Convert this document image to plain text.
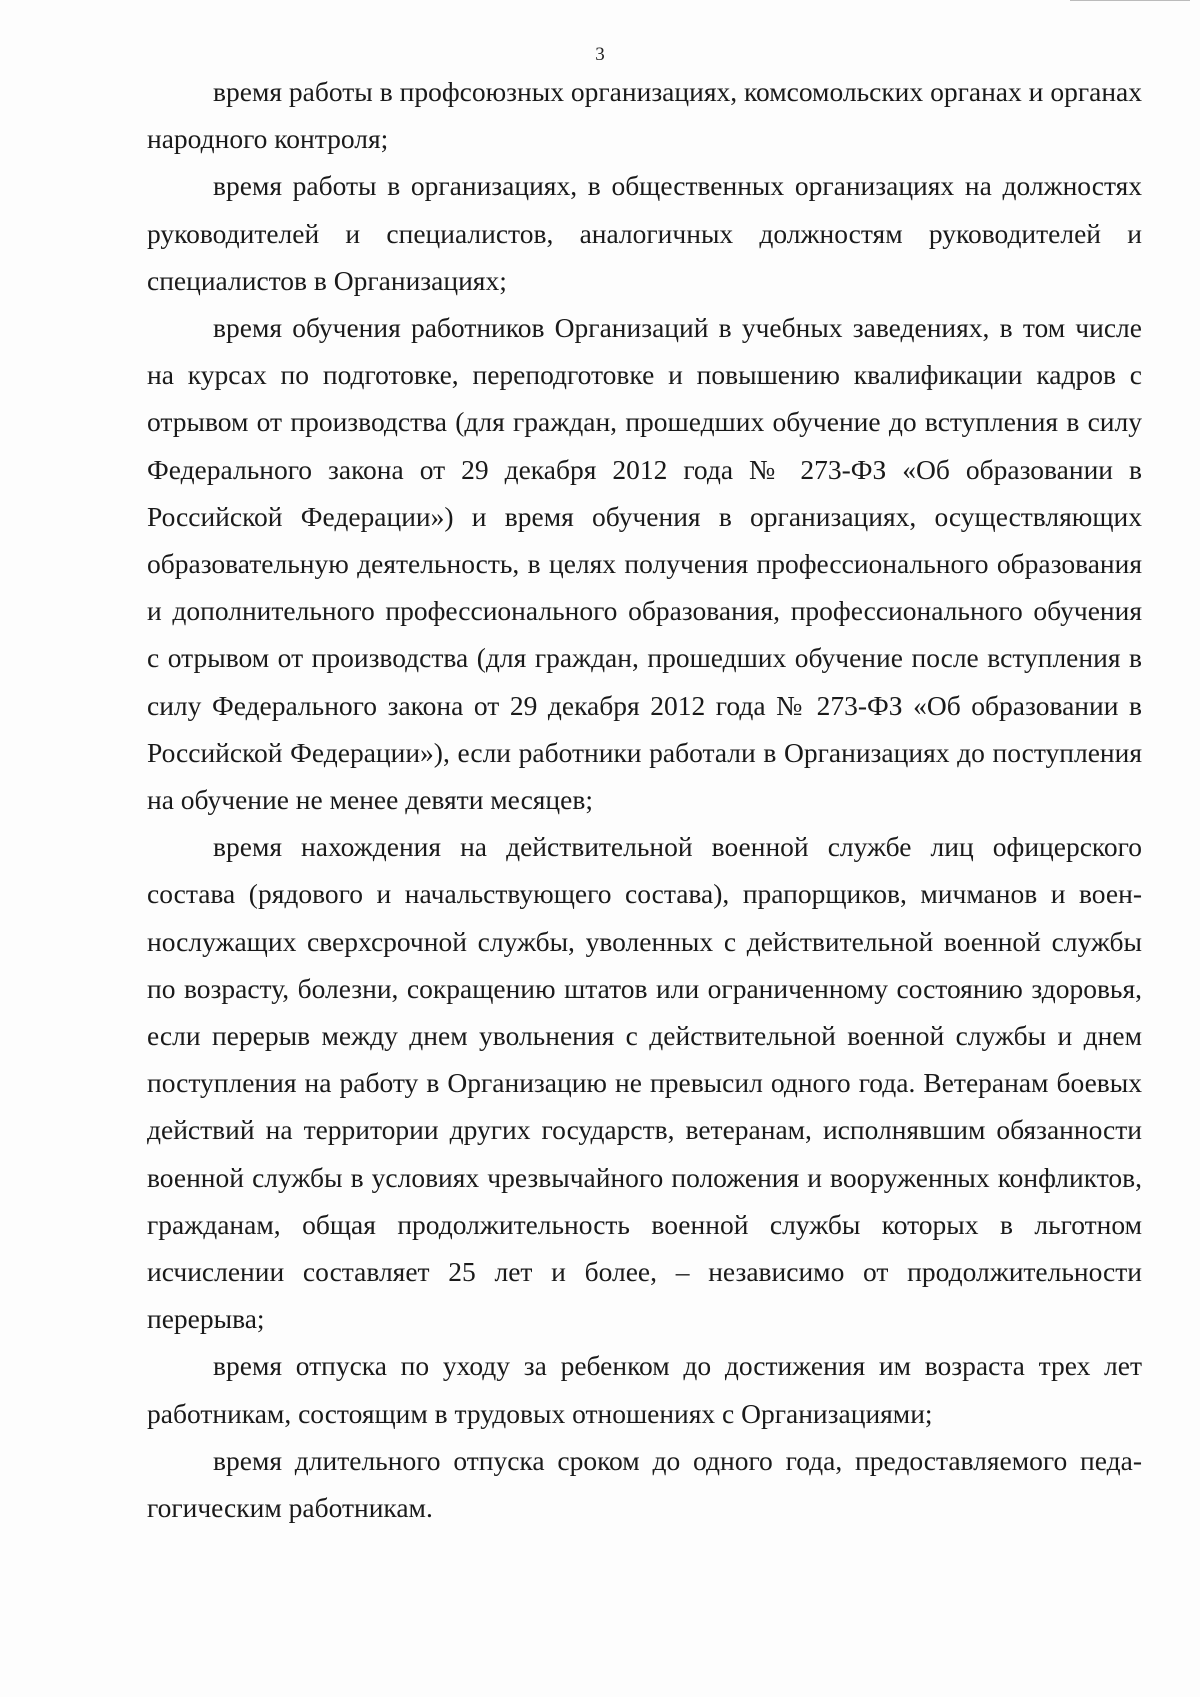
3

время работы в профсоюзных организациях, комсомольских органах и органах народного контроля;

время работы в организациях, в общественных организациях на должностях руководителей и специалистов, аналогичных должностям руководителей и специалистов в Организациях;

время обучения работников Организаций в учебных заведениях, в том числе на курсах по подготовке, переподготовке и повышению квалификации кадров с отрывом от производства (для граждан, прошедших обучение до вступления в силу Федерального закона от 29 декабря 2012 года № 273-ФЗ «Об образовании в Российской Федерации») и время обучения в организациях, осуществляющих образовательную деятельность, в целях получения профессионального образования и дополнительного профессионального образования, профессионального обучения с отрывом от производства (для граждан, прошедших обучение после вступления в силу Федерального закона от 29 декабря 2012 года № 273-ФЗ «Об образовании в Российской Федерации»), если работники работали в Организациях до поступления на обучение не менее девяти месяцев;

время нахождения на действительной военной службе лиц офицерского состава (рядового и начальствующего состава), прапорщиков, мичманов и военнослужащих сверхсрочной службы, уволенных с действительной военной службы по возрасту, болезни, сокращению штатов или ограниченному состоянию здоровья, если перерыв между днем увольнения с действительной военной службы и днем поступления на работу в Организацию не превысил одного года. Ветеранам боевых действий на территории других государств, ветеранам, исполнявшим обязанности военной службы в условиях чрезвычайного положения и вооруженных конфликтов, гражданам, общая продолжительность военной службы которых в льготном исчислении составляет 25 лет и более, – независимо от продолжительности перерыва;

время отпуска по уходу за ребенком до достижения им возраста трех лет работникам, состоящим в трудовых отношениях с Организациями;

время длительного отпуска сроком до одного года, предоставляемого педагогическим работникам.
